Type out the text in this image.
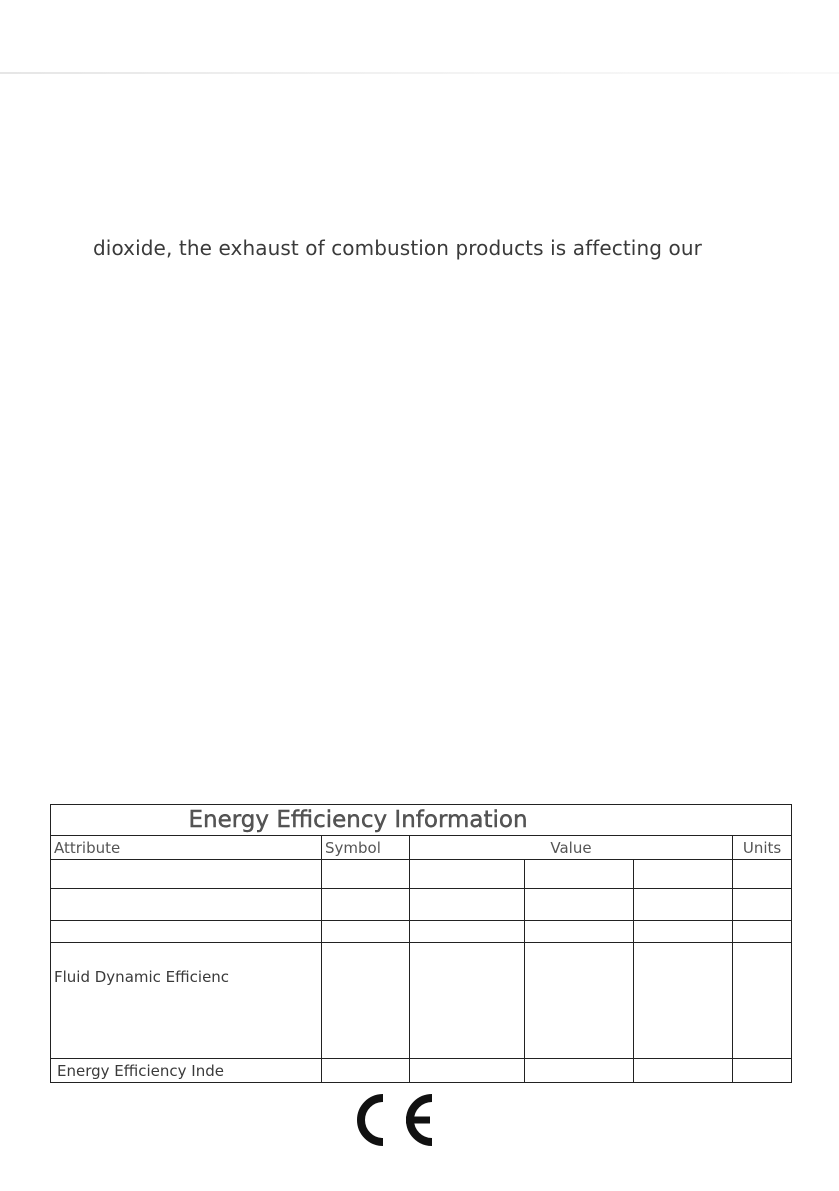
dioxide, the exhaust of combustion products is affecting our
Energy Efficiency Information					
Attribute	Symbol	Value			Units

Fluid Dynamic Efficienc					
Energy Efficiency Inde					
